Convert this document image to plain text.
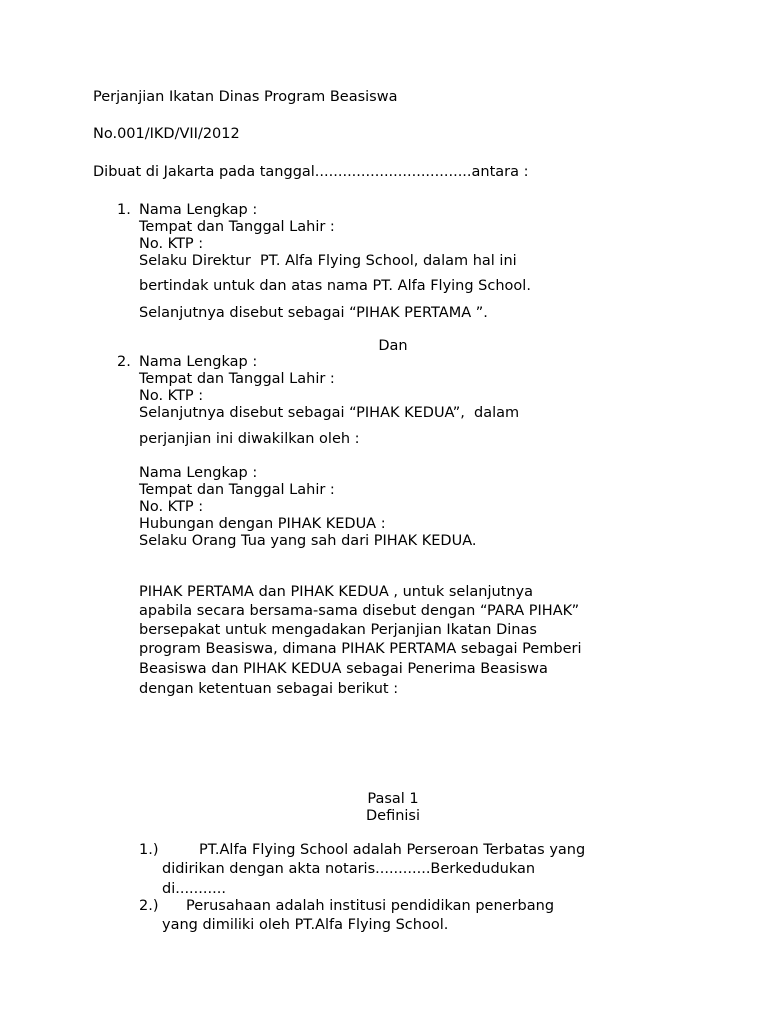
Perjanjian Ikatan Dinas Program Beasiswa
No.001/IKD/VII/2012
Dibuat di Jakarta pada tanggal..................................antara :
1. Nama Lengkap :
Tempat dan Tanggal Lahir :
No. KTP :
Selaku Direktur  PT. Alfa Flying School, dalam hal ini
bertindak untuk dan atas nama PT. Alfa Flying School.
Selanjutnya disebut sebagai “PIHAK PERTAMA ”.
Dan
2. Nama Lengkap :
Tempat dan Tanggal Lahir :
No. KTP :
Selanjutnya disebut sebagai “PIHAK KEDUA”,  dalam
perjanjian ini diwakilkan oleh :
Nama Lengkap :
Tempat dan Tanggal Lahir :
No. KTP :
Hubungan dengan PIHAK KEDUA :
Selaku Orang Tua yang sah dari PIHAK KEDUA.
PIHAK PERTAMA dan PIHAK KEDUA , untuk selanjutnya
apabila secara bersama-sama disebut dengan “PARA PIHAK”
bersepakat untuk mengadakan Perjanjian Ikatan Dinas
program Beasiswa, dimana PIHAK PERTAMA sebagai Pemberi
Beasiswa dan PIHAK KEDUA sebagai Penerima Beasiswa
dengan ketentuan sebagai berikut :
Pasal 1
Definisi
1.)	PT.Alfa Flying School adalah Perseroan Terbatas yang
didirikan dengan akta notaris............Berkedudukan
di...........
2.) Perusahaan adalah institusi pendidikan penerbang
yang dimiliki oleh PT.Alfa Flying School.
